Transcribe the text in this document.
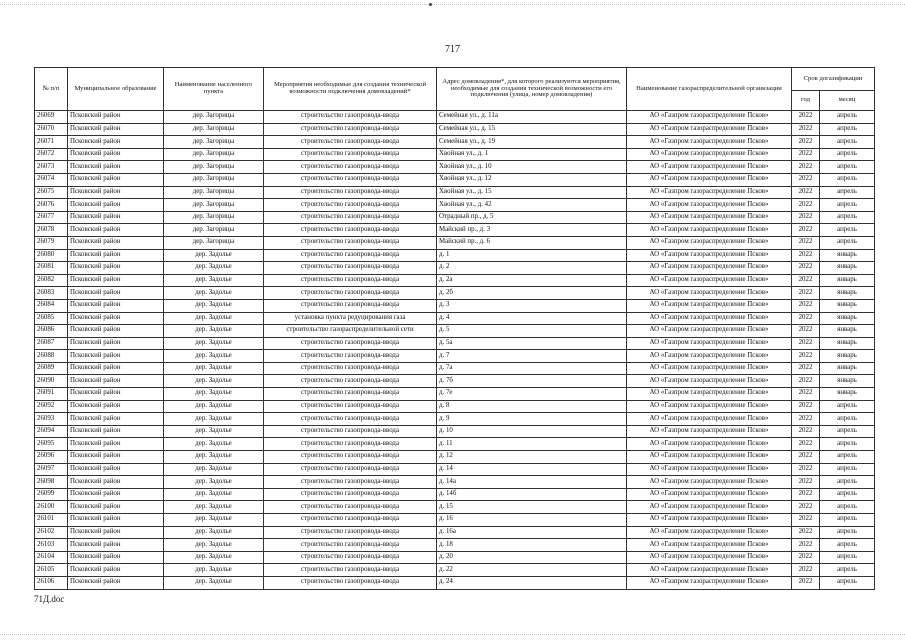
717
№ п/п	Муниципальное образование	Наименование населенного пункта	Мероприятия необходимые для создания технической возможности подключения домовладений*	Адрес домовладения*, для которого реализуются мероприятия, необходимые для создания технической возможности его подключения (улица, номер домовладения)	Наименование газораспределительной организации	Срок догазификации	
						год	месяц
26069	Псковский район	дер. Загорицы	строительство газопровода-ввода	Семейная ул., д. 11а	АО «Газпром газораспределение Псков»	2022	апрель
26070	Псковский район	дер. Загорицы	строительство газопровода-ввода	Семейная ул., д. 15	АО «Газпром газораспределение Псков»	2022	апрель
26071	Псковский район	дер. Загорицы	строительство газопровода-ввода	Семейная ул., д. 19	АО «Газпром газораспределение Псков»	2022	апрель
26072	Псковский район	дер. Загорицы	строительство газопровода-ввода	Хвойная ул., д. 1	АО «Газпром газораспределение Псков»	2022	апрель
26073	Псковский район	дер. Загорицы	строительство газопровода-ввода	Хвойная ул., д. 10	АО «Газпром газораспределение Псков»	2022	апрель
26074	Псковский район	дер. Загорицы	строительство газопровода-ввода	Хвойная ул., д. 12	АО «Газпром газораспределение Псков»	2022	апрель
26075	Псковский район	дер. Загорицы	строительство газопровода-ввода	Хвойная ул., д. 15	АО «Газпром газораспределение Псков»	2022	апрель
26076	Псковский район	дер. Загорицы	строительство газопровода-ввода	Хвойная ул., д. 42	АО «Газпром газораспределение Псков»	2022	апрель
26077	Псковский район	дер. Загорицы	строительство газопровода-ввода	Отрадный пр., д. 5	АО «Газпром газораспределение Псков»	2022	апрель
26078	Псковский район	дер. Загорицы	строительство газопровода-ввода	Майский пр., д. 3	АО «Газпром газораспределение Псков»	2022	апрель
26079	Псковский район	дер. Загорицы	строительство газопровода-ввода	Майский пр., д. 6	АО «Газпром газораспределение Псков»	2022	апрель
26080	Псковский район	дер. Задолье	строительство газопровода-ввода	д. 1	АО «Газпром газораспределение Псков»	2022	январь
26081	Псковский район	дер. Задолье	строительство газопровода-ввода	д. 2	АО «Газпром газораспределение Псков»	2022	январь
26082	Псковский район	дер. Задолье	строительство газопровода-ввода	д. 2а	АО «Газпром газораспределение Псков»	2022	январь
26083	Псковский район	дер. Задолье	строительство газопровода-ввода	д. 2б	АО «Газпром газораспределение Псков»	2022	январь
26084	Псковский район	дер. Задолье	строительство газопровода-ввода	д. 3	АО «Газпром газораспределение Псков»	2022	январь
26085	Псковский район	дер. Задолье	установка пункта редуцирования газа	д. 4	АО «Газпром газораспределение Псков»	2022	январь
26086	Псковский район	дер. Задолье	строительство газораспределительной сети	д. 5	АО «Газпром газораспределение Псков»	2022	январь
26087	Псковский район	дер. Задолье	строительство газопровода-ввода	д. 5а	АО «Газпром газораспределение Псков»	2022	январь
26088	Псковский район	дер. Задолье	строительство газопровода-ввода	д. 7	АО «Газпром газораспределение Псков»	2022	январь
26089	Псковский район	дер. Задолье	строительство газопровода-ввода	д. 7а	АО «Газпром газораспределение Псков»	2022	январь
26090	Псковский район	дер. Задолье	строительство газопровода-ввода	д. 7б	АО «Газпром газораспределение Псков»	2022	январь
26091	Псковский район	дер. Задолье	строительство газопровода-ввода	д. 7е	АО «Газпром газораспределение Псков»	2022	январь
26092	Псковский район	дер. Задолье	строительство газопровода-ввода	д. 8	АО «Газпром газораспределение Псков»	2022	апрель
26093	Псковский район	дер. Задолье	строительство газопровода-ввода	д. 9	АО «Газпром газораспределение Псков»	2022	апрель
26094	Псковский район	дер. Задолье	строительство газопровода-ввода	д. 10	АО «Газпром газораспределение Псков»	2022	апрель
26095	Псковский район	дер. Задолье	строительство газопровода-ввода	д. 11	АО «Газпром газораспределение Псков»	2022	апрель
26096	Псковский район	дер. Задолье	строительство газопровода-ввода	д. 12	АО «Газпром газораспределение Псков»	2022	апрель
26097	Псковский район	дер. Задолье	строительство газопровода-ввода	д. 14	АО «Газпром газораспределение Псков»	2022	апрель
26098	Псковский район	дер. Задолье	строительство газопровода-ввода	д. 14а	АО «Газпром газораспределение Псков»	2022	апрель
26099	Псковский район	дер. Задолье	строительство газопровода-ввода	д. 14б	АО «Газпром газораспределение Псков»	2022	апрель
26100	Псковский район	дер. Задолье	строительство газопровода-ввода	д. 15	АО «Газпром газораспределение Псков»	2022	апрель
26101	Псковский район	дер. Задолье	строительство газопровода-ввода	д. 16	АО «Газпром газораспределение Псков»	2022	апрель
26102	Псковский район	дер. Задолье	строительство газопровода-ввода	д. 16а	АО «Газпром газораспределение Псков»	2022	апрель
26103	Псковский район	дер. Задолье	строительство газопровода-ввода	д. 18	АО «Газпром газораспределение Псков»	2022	апрель
26104	Псковский район	дер. Задолье	строительство газопровода-ввода	д. 20	АО «Газпром газораспределение Псков»	2022	апрель
26105	Псковский район	дер. Задолье	строительство газопровода-ввода	д. 22	АО «Газпром газораспределение Псков»	2022	апрель
26106	Псковский район	дер. Задолье	строительство газопровода-ввода	д. 24	АО «Газпром газораспределение Псков»	2022	апрель
71Д.doc
